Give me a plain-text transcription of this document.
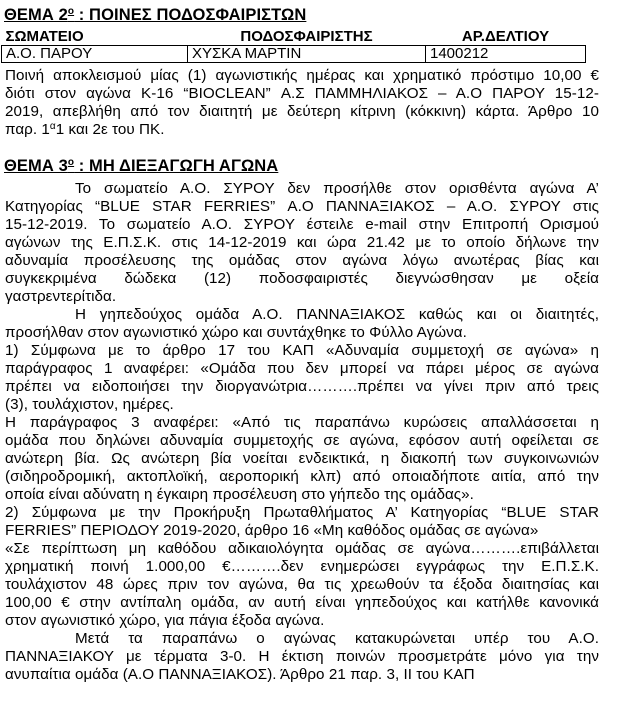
ΘΕΜΑ $2^o$ : ΠΟΙΝΕΣ ΠΟΔΟΣΦΑΙΡΙΣΤΩΝ
ΣΩΜΑΤΕΙΟ	ΠΟΔΟΣΦΑΙΡΙΣΤΗΣ	ΑΡ.ΔΕΛΤΙΟΥ
Α.Ο. ΠΑΡΟΥ	ΧΥΣΚΑ ΜΑΡΤΙΝ	1400212
Ποινή αποκλεισμού μίας (1) αγωνιστικής ημέρας και χρηματικό πρόστιμο 10,00 €
διότι στον αγώνα Κ-16 “BIOCLEAN” Α.Σ ΠΑΜΜΗΛΙΑΚΟΣ – Α.Ο ΠΑΡΟΥ 15-12-
2019, απεβλήθη από τον διαιτητή με δεύτερη κίτρινη (κόκκινη) κάρτα. Άρθρο 10
παρ. $1^\alpha 1$ και 2ε του ΠΚ.
ΘΕΜΑ $3^o$ : ΜΗ ΔΙΕΞΑΓΩΓΗ ΑΓΩΝΑ
Το σωματείο Α.Ο. ΣΥΡΟΥ δεν προσήλθε στον ορισθέντα αγώνα Α’
Κατηγορίας “BLUE STAR FERRIES” Α.Ο ΠΑΝΝΑΞΙΑΚΟΣ – Α.Ο. ΣΥΡΟΥ στις
15-12-2019. Το σωματείο Α.Ο. ΣΥΡΟΥ έστειλε e-mail στην Επιτροπή Ορισμού
αγώνων της Ε.Π.Σ.Κ. στις 14-12-2019 και ώρα 21.42 με το οποίο δήλωνε την
αδυναμία προσέλευσης της ομάδας στον αγώνα λόγω ανωτέρας βίας και
συγκεκριμένα δώδεκα (12) ποδοσφαιριστές διεγνώσθησαν με οξεία
γαστρεντερίτιδα.
Η γηπεδούχος ομάδα Α.Ο. ΠΑΝΝΑΞΙΑΚΟΣ καθώς και οι διαιτητές,
προσήλθαν στον αγωνιστικό χώρο και συντάχθηκε το Φύλλο Αγώνα.
1) Σύμφωνα με το άρθρο 17 του ΚΑΠ «Αδυναμία συμμετοχή σε αγώνα» η
παράγραφος 1 αναφέρει: «Ομάδα που δεν μπορεί να πάρει μέρος σε αγώνα
πρέπει να ειδοποιήσει την διοργανώτρια……….πρέπει να γίνει πριν από τρεις
(3), τουλάχιστον, ημέρες.
Η παράγραφος 3 αναφέρει: «Από τις παραπάνω κυρώσεις απαλλάσσεται η
ομάδα που δηλώνει αδυναμία συμμετοχής σε αγώνα, εφόσον αυτή οφείλεται σε
ανώτερη βία. Ως ανώτερη βία νοείται ενδεικτικά, η διακοπή των συγκοινωνιών
(σιδηροδρομική, ακτοπλοϊκή, αεροπορική κλπ) από οποιαδήποτε αιτία, από την
οποία είναι αδύνατη η έγκαιρη προσέλευση στο γήπεδο της ομάδας».
2) Σύμφωνα με την Προκήρυξη Πρωταθλήματος Α’ Κατηγορίας “BLUE STAR
FERRIES” ΠΕΡΙΟΔΟΥ 2019-2020, άρθρο 16 «Μη καθόδος ομάδας σε αγώνα»
«Σε περίπτωση μη καθόδου αδικαιολόγητα ομάδας σε αγώνα……….επιβάλλεται
χρηματική ποινή 1.000,00 €……….δεν ενημερώσει εγγράφως την Ε.Π.Σ.Κ.
τουλάχιστον 48 ώρες πριν τον αγώνα, θα τις χρεωθούν τα έξοδα διαιτησίας και
100,00 € στην αντίπαλη ομάδα, αν αυτή είναι γηπεδούχος και κατήλθε κανονικά
στον αγωνιστικό χώρο, για πάγια έξοδα αγώνα.
Μετά τα παραπάνω ο αγώνας κατακυρώνεται υπέρ του Α.Ο.
ΠΑΝΝΑΞΙΑΚΟΥ με τέρματα 3-0. Η έκτιση ποινών προσμετράτε μόνο για την
ανυπαίτια ομάδα (Α.Ο ΠΑΝΝΑΞΙΑΚΟΣ). Άρθρο 21 παρ. 3, ΙΙ του ΚΑΠ
